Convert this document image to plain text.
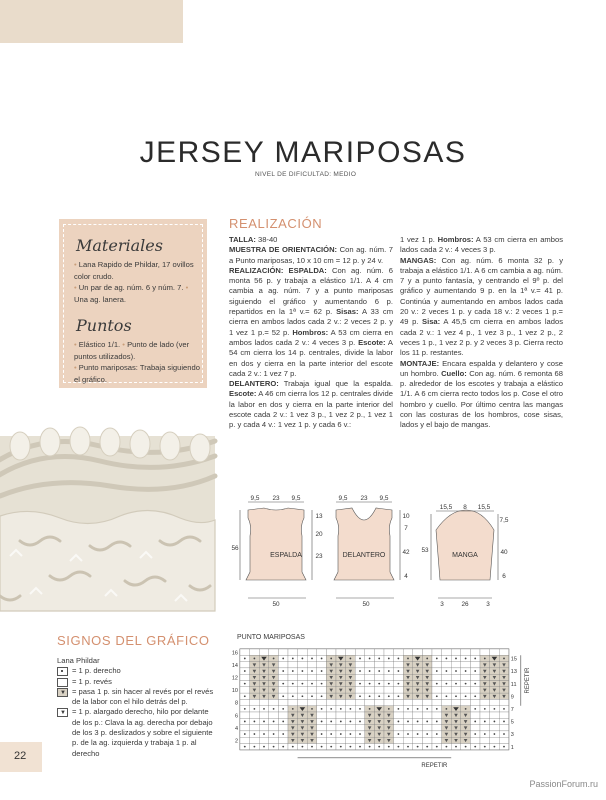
JERSEY MARIPOSAS
NIVEL DE DIFICULTAD: MEDIO
Materiales
• Lana Rapido de Phildar, 17 ovillos color crudo.
• Un par de ag. núm. 6 y núm. 7. • Una ag. lanera.
Puntos
• Elástico 1/1. • Punto de lado (ver puntos utilizados).
• Punto mariposas: Trabaja siguiendo el gráfico.
REALIZACIÓN
TALLA: 38-40
MUESTRA DE ORIENTACIÓN: Con ag. núm. 7 a Punto mariposas, 10 x 10 cm = 12 p. y 24 v.
REALIZACIÓN: ESPALDA: Con ag. núm. 6 monta 56 p. y trabaja a elástico 1/1. A 4 cm cambia a ag. núm. 7 y a punto mariposas siguiendo el gráfico y aumentando 6 p. repartidos en la 1ª v.= 62 p. Sisas: A 33 cm cierra en ambos lados cada 2 v.: 2 veces 2 p. y 1 vez 1 p.= 52 p. Hombros: A 53 cm cierra en ambos lados cada 2 v.: 4 veces 3 p. Escote: A 54 cm cierra los 14 p. centrales, divide la labor en dos y cierra en la parte interior del escote cada 2 v.: 1 vez 7 p.
DELANTERO: Trabaja igual que la espalda. Escote: A 46 cm cierra los 12 p. centrales divide la labor en dos y cierra en la parte interior del escote cada 2 v.: 1 vez 3 p., 1 vez 2 p., 1 vez 1 p. y cada 4 v.: 1 vez 1 p. y cada 6 v.:
1 vez 1 p. Hombros: A 53 cm cierra en ambos lados cada 2 v.: 4 veces 3 p.
MANGAS: Con ag. núm. 6 monta 32 p. y trabaja a elástico 1/1. A 6 cm cambia a ag. núm. 7 y a punto fantasía, y centrando el 9º p. del gráfico y aumentando 9 p. en la 1ª v.= 41 p. Continúa y aumentando en ambos lados cada 20 v.: 2 veces 1 p. y cada 18 v.: 2 veces 1 p.= 49 p. Sisa: A 45,5 cm cierra en ambos lados cada 2 v.: 1 vez 4 p., 1 vez 3 p., 1 vez 2 p., 2 veces 1 p., 1 vez 2 p. y 2 veces 3 p. Cierra recto los 11 p. restantes.
MONTAJE: Encara espalda y delantero y cose un hombro. Cuello: Con ag. núm. 6 remonta 68 p. alrededor de los escotes y trabaja a elástico 1/1. A 6 cm cierra recto todos los p. Cose el otro hombro y cuello. Por último centra las mangas con las costuras de los hombros, cose sisas, lados y el bajo de mangas.
ESPALDA	DELANTERO	MANGA
9,5 23 9,5
50
56
13
20
23
9,5 23 9,5
50
10
7
42
4
15,5 8 15,5
53
7,5
40
6
3	26	3
SIGNOS DEL GRÁFICO
Lana Phildar
= 1 p. derecho
= 1 p. revés
▼ = pasa 1 p. sin hacer al revés por el revés de la labor con el hilo detrás del p.
▼ = 1 p. alargado derecho, hilo por delante de los p.: Clava la ag. derecha por debajo de los 3 p. deslizados y sobre el siguiente p. de la ag. izquierda y trabaja 1 p. al derecho
PUNTO MARIPOSAS
16
14
12
10
8
6
4
2
15
13
11
9
7
5
3
1
REPETIR
REPETIR
22
PassionForum.ru
